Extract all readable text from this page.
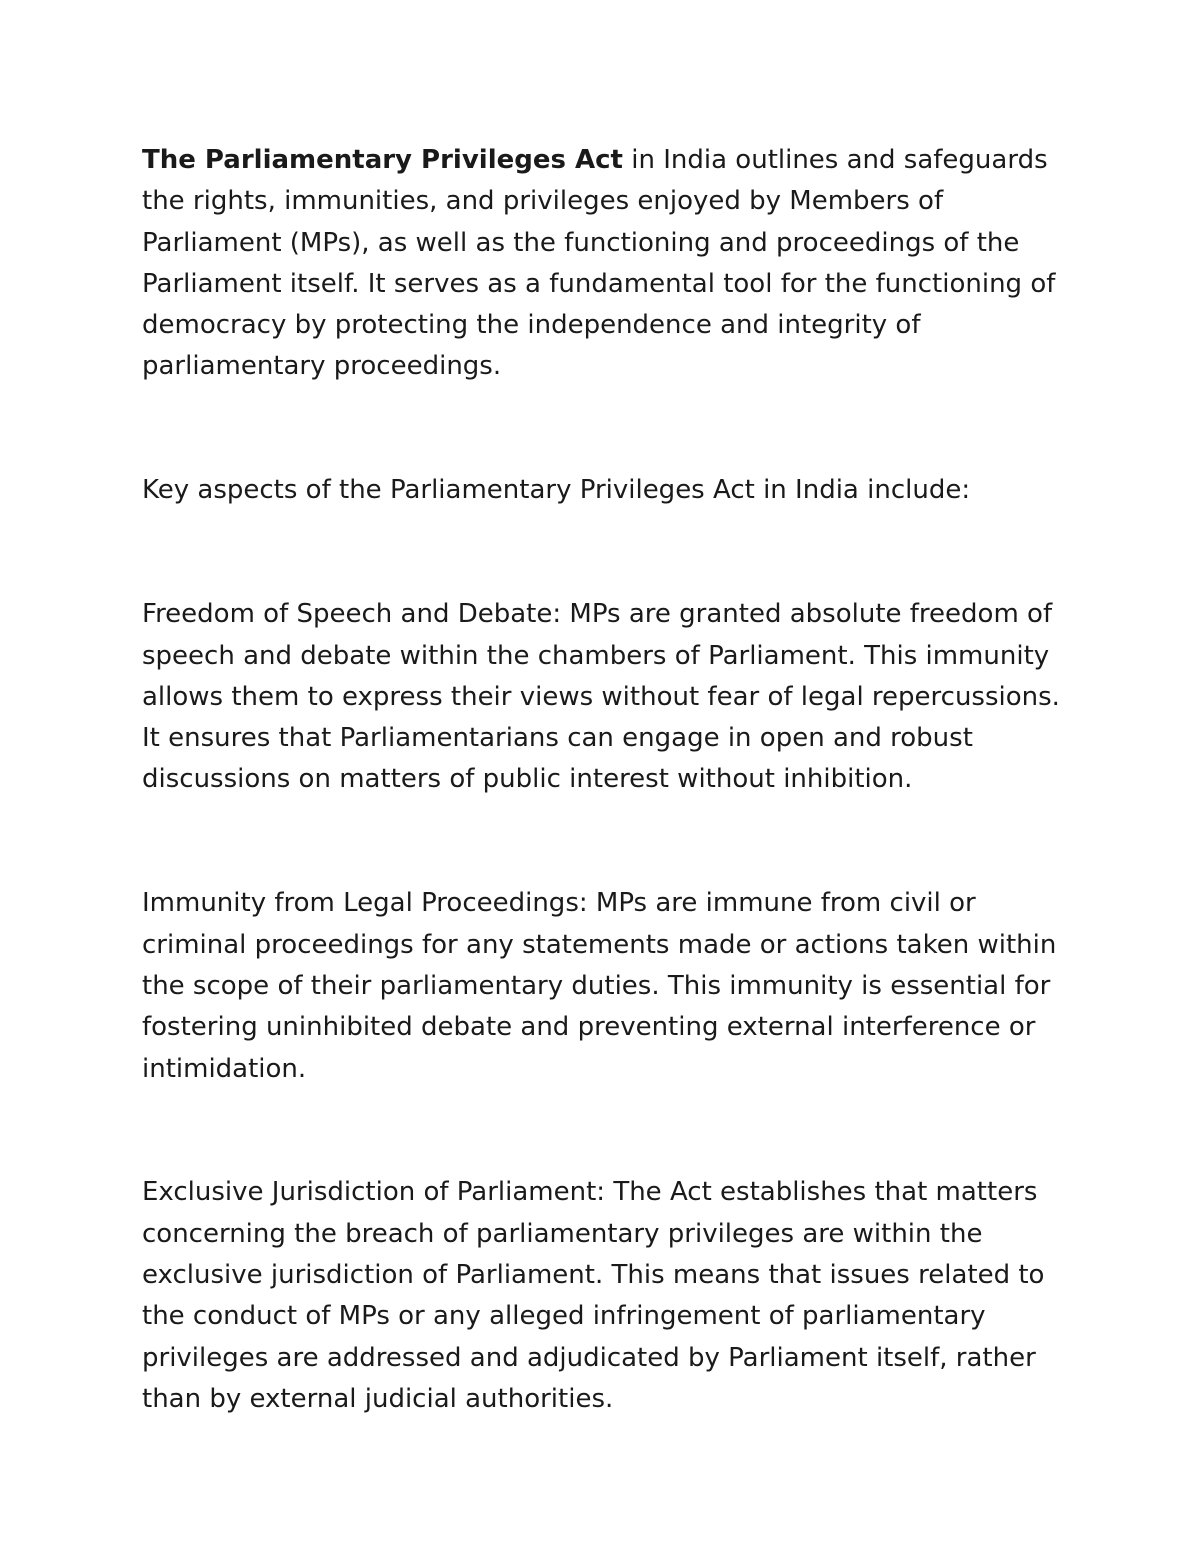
The Parliamentary Privileges Act in India outlines and safeguards the rights, immunities, and privileges enjoyed by Members of Parliament (MPs), as well as the functioning and proceedings of the Parliament itself. It serves as a fundamental tool for the functioning of democracy by protecting the independence and integrity of parliamentary proceedings.

Key aspects of the Parliamentary Privileges Act in India include:

Freedom of Speech and Debate: MPs are granted absolute freedom of speech and debate within the chambers of Parliament. This immunity allows them to express their views without fear of legal repercussions. It ensures that Parliamentarians can engage in open and robust discussions on matters of public interest without inhibition.

Immunity from Legal Proceedings: MPs are immune from civil or criminal proceedings for any statements made or actions taken within the scope of their parliamentary duties. This immunity is essential for fostering uninhibited debate and preventing external interference or intimidation.

Exclusive Jurisdiction of Parliament: The Act establishes that matters concerning the breach of parliamentary privileges are within the exclusive jurisdiction of Parliament. This means that issues related to the conduct of MPs or any alleged infringement of parliamentary privileges are addressed and adjudicated by Parliament itself, rather than by external judicial authorities.
